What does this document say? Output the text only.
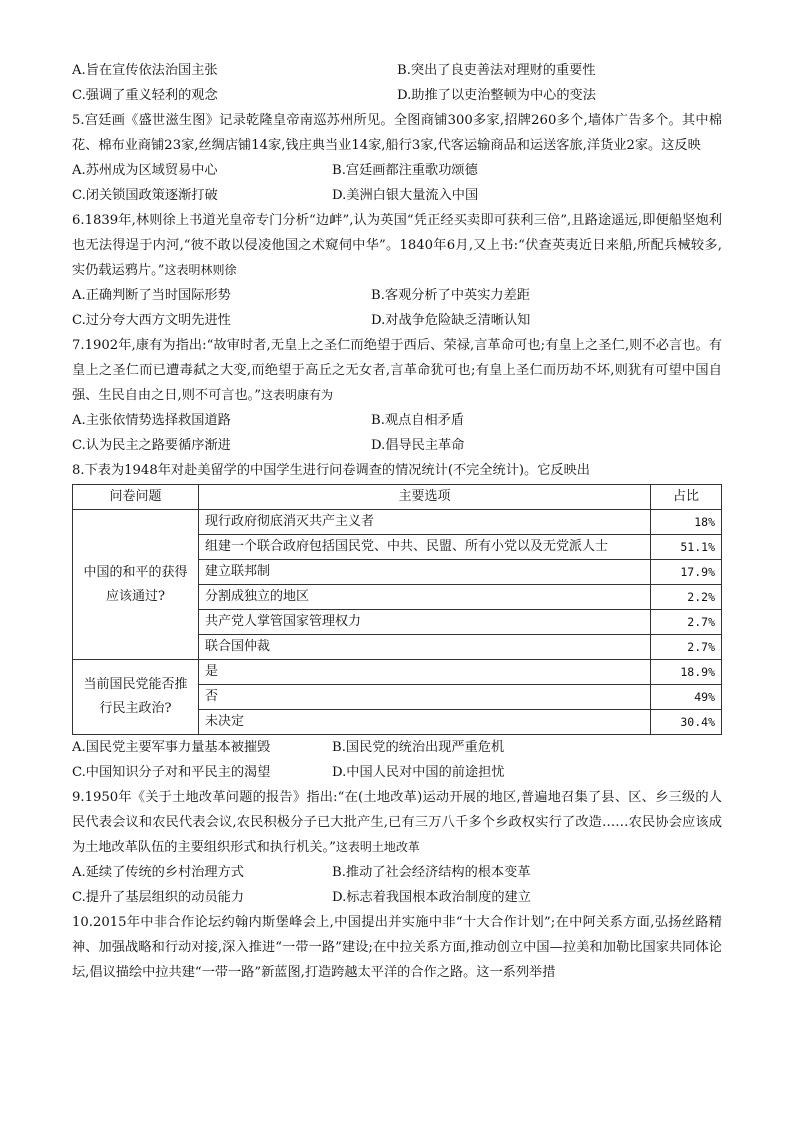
A.旨在宣传依法治国主张	B.突出了良吏善法对理财的重要性
C.强调了重义轻利的观念	D.助推了以吏治整顿为中心的变法
5.宫廷画《盛世滋生图》记录乾隆皇帝南巡苏州所见。全图商铺300多家,招牌260多个,墙体广告多个。其中棉花、棉布业商铺23家,丝绸店铺14家,钱庄典当业14家,船行3家,代客运输商品和运送客旅,洋货业2家。这反映
A.苏州成为区域贸易中心	B.宫廷画都注重歌功颂德
C.闭关锁国政策逐渐打破	D.美洲白银大量流入中国
6.1839年,林则徐上书道光皇帝专门分析“边衅”,认为英国“凭正经买卖即可获利三倍”,且路途遥远,即便船坚炮利也无法得逞于内河,“彼不敢以侵凌他国之术窥伺中华”。1840年6月,又上书:“伏查英夷近日来船,所配兵械较多,实仍载运鸦片。”这表明林则徐
A.正确判断了当时国际形势	B.客观分析了中英实力差距
C.过分夸大西方文明先进性	D.对战争危险缺乏清晰认知
7.1902年,康有为指出:“故审时者,无皇上之圣仁而绝望于西后、荣禄,言革命可也;有皇上之圣仁,则不必言也。有皇上之圣仁而已遭毒弑之大变,而绝望于高丘之无女者,言革命犹可也;有皇上圣仁而历劫不坏,则犹有可望中国自强、生民自由之日,则不可言也。”这表明康有为
A.主张依情势选择救国道路	B.观点自相矛盾
C.认为民主之路要循序渐进	D.倡导民主革命
8.下表为1948年对赴美留学的中国学生进行问卷调查的情况统计(不完全统计)。它反映出
问卷问题	主要选项	占比
中国的和平的获得应该通过?	现行政府彻底消灭共产主义者	18%
	组建一个联合政府包括国民党、中共、民盟、所有小党以及无党派人士	51.1%
	建立联邦制	17.9%
	分割成独立的地区	2.2%
	共产党人掌管国家管理权力	2.7%
	联合国仲裁	2.7%
当前国民党能否推行民主政治?	是	18.9%
	否	49%
	未决定	30.4%
A.国民党主要军事力量基本被摧毁	B.国民党的统治出现严重危机
C.中国知识分子对和平民主的渴望	D.中国人民对中国的前途担忧
9.1950年《关于土地改革问题的报告》指出:“在(土地改革)运动开展的地区,普遍地召集了县、区、乡三级的人民代表会议和农民代表会议,农民积极分子已大批产生,已有三万八千多个乡政权实行了改造……农民协会应该成为土地改革队伍的主要组织形式和执行机关。”这表明土地改革
A.延续了传统的乡村治理方式	B.推动了社会经济结构的根本变革
C.提升了基层组织的动员能力	D.标志着我国根本政治制度的建立
10.2015年中非合作论坛约翰内斯堡峰会上,中国提出并实施中非“十大合作计划”;在中阿关系方面,弘扬丝路精神、加强战略和行动对接,深入推进“一带一路”建设;在中拉关系方面,推动创立中国—拉美和加勒比国家共同体论坛,倡议描绘中拉共建“一带一路”新蓝图,打造跨越太平洋的合作之路。这一系列举措
